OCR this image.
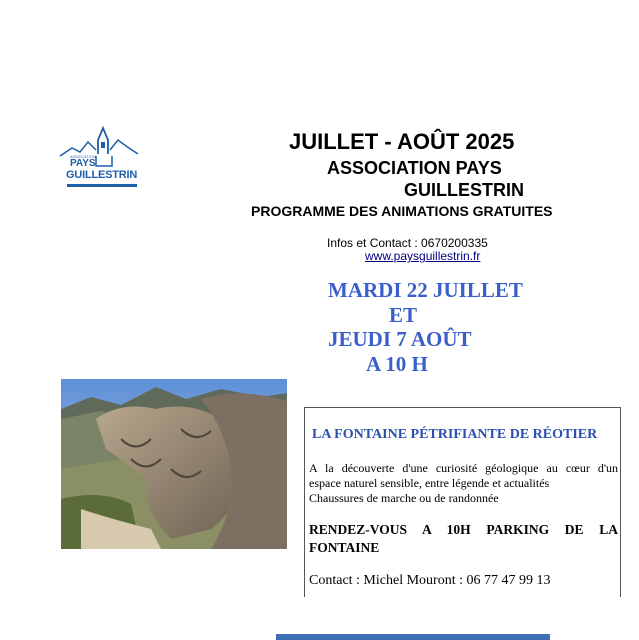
ASSOCIATION
PAYS
GUILLESTRIN
JUILLET - AOÛT 2025
ASSOCIATION PAYS
GUILLESTRIN
PROGRAMME DES ANIMATIONS GRATUITES
Infos et Contact : 0670200335
www.paysguillestrin.fr
MARDI 22 JUILLET
ET
JEUDI 7 AOÛT
A 10 H
LA FONTAINE PÉTRIFIANTE DE RÉOTIER
A la découverte d'une curiosité géologique au cœur d'un
espace naturel sensible, entre légende et actualités
Chaussures de marche ou de randonnée
RENDEZ-VOUS A 10H PARKING DE LA
FONTAINE
Contact : Michel Mouront : 06 77 47 99 13
